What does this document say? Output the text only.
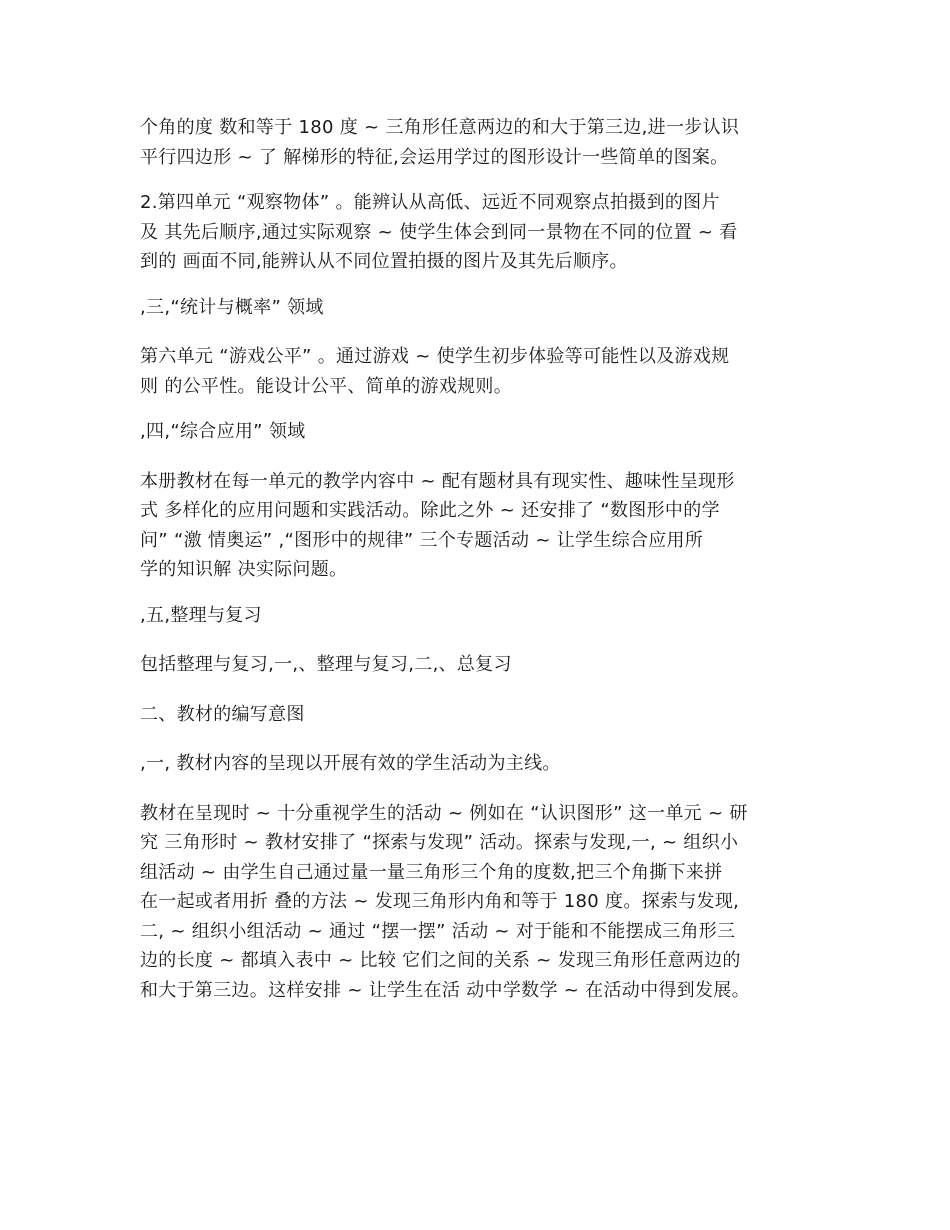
个角的度 数和等于 180 度 ~ 三角形任意两边的和大于第三边,进一步认识
平行四边形 ~ 了 解梯形的特征,会运用学过的图形设计一些简单的图案。
2.第四单元 “观察物体” 。能辨认从高低、远近不同观察点拍摄到的图片
及 其先后顺序,通过实际观察 ~ 使学生体会到同一景物在不同的位置 ~ 看
到的 画面不同,能辨认从不同位置拍摄的图片及其先后顺序。
,三,“统计与概率” 领域
第六单元 “游戏公平” 。通过游戏 ~ 使学生初步体验等可能性以及游戏规
则 的公平性。能设计公平、简单的游戏规则。
,四,“综合应用” 领域
本册教材在每一单元的教学内容中 ~ 配有题材具有现实性、趣味性呈现形
式 多样化的应用问题和实践活动。除此之外 ~ 还安排了 “数图形中的学
问” “激 情奥运” ,“图形中的规律” 三个专题活动 ~ 让学生综合应用所
学的知识解 决实际问题。
,五,整理与复习
包括整理与复习,一,、整理与复习,二,、总复习
二、教材的编写意图
,一, 教材内容的呈现以开展有效的学生活动为主线。
教材在呈现时 ~ 十分重视学生的活动 ~ 例如在 “认识图形” 这一单元 ~ 研
究 三角形时 ~ 教材安排了 “探索与发现” 活动。探索与发现,一, ~ 组织小
组活动 ~ 由学生自己通过量一量三角形三个角的度数,把三个角撕下来拼
在一起或者用折 叠的方法 ~ 发现三角形内角和等于 180 度。探索与发现,
二, ~ 组织小组活动 ~ 通过 “摆一摆” 活动 ~ 对于能和不能摆成三角形三
边的长度 ~ 都填入表中 ~ 比较 它们之间的关系 ~ 发现三角形任意两边的
和大于第三边。这样安排 ~ 让学生在活 动中学数学 ~ 在活动中得到发展。
